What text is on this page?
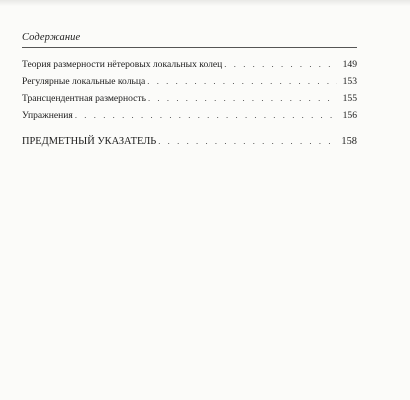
Содержание
Теория размерности нётеровых локальных колец . . .	149
Регулярные локальные кольца . . .	153
Трансцендентная размерность . . .	155
Упражнения . . .	156
ПРЕДМЕТНЫЙ УКАЗАТЕЛЬ . . .	158
